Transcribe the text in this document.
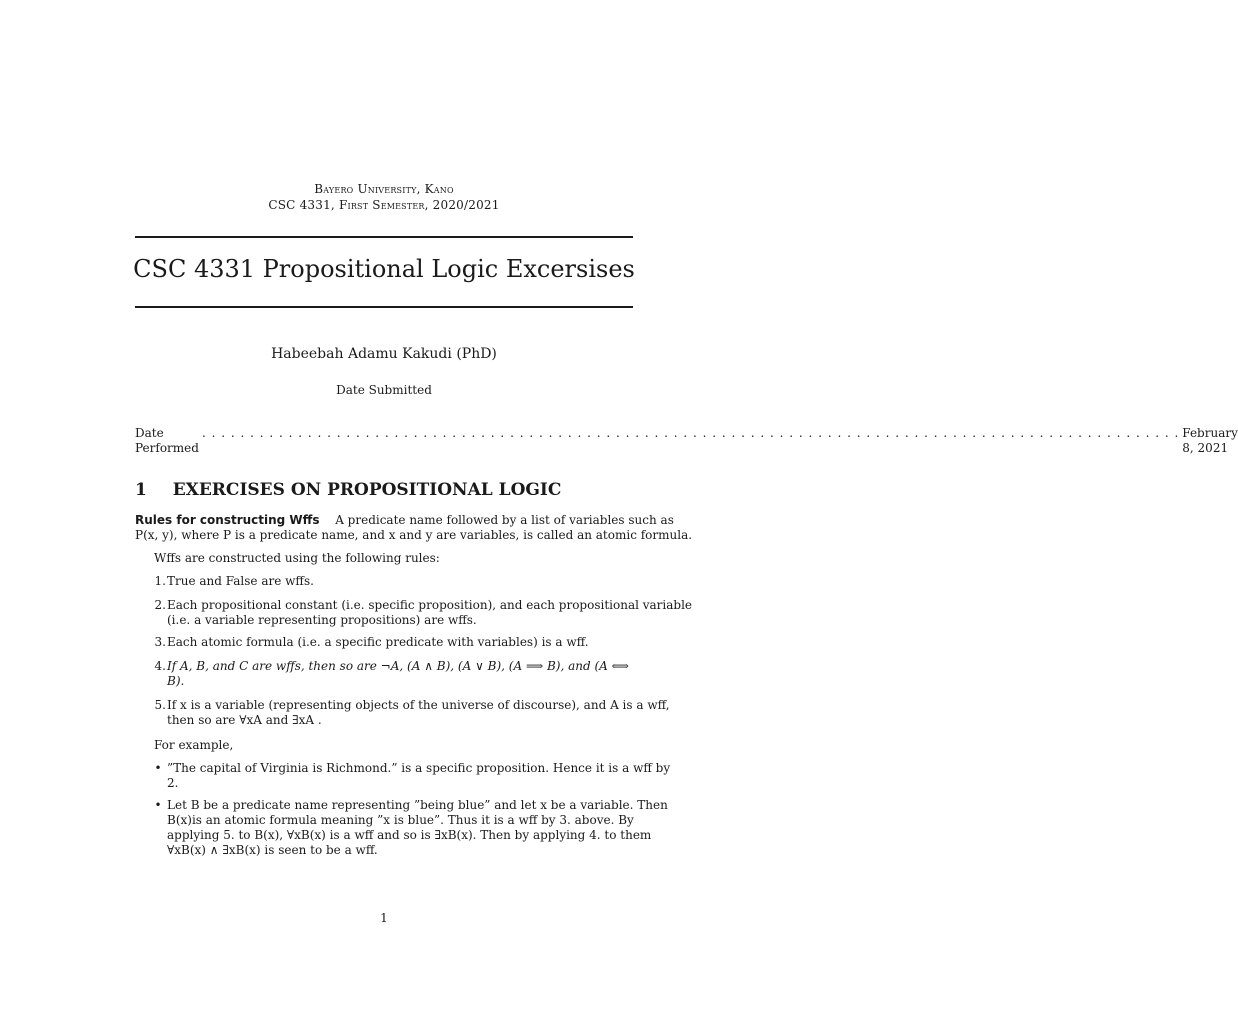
Bayero University, Kano
CSC 4331, First Semester, 2020/2021
CSC 4331 Propositional Logic Excersises
Habeebah Adamu Kakudi (PhD)
Date Submitted
Date Performed
. . . . . . . . . . . . . . . . . . . . . . . . . . . . . . . . . . . . . . . . . . . . . . . . . . . . . . . . . . . . . . . . . . . . . . . . . . . . . . . . . . . . . . . . . . . . . . . . . . . . . . February 8, 2021
1 EXERCISES ON PROPOSITIONAL LOGIC
Rules for constructing Wffs A predicate name followed by a list of variables such as
P(x, y), where P is a predicate name, and x and y are variables, is called an atomic formula.
Wffs are constructed using the following rules:
1. True and False are wffs.
2. Each propositional constant (i.e. specific proposition), and each propositional variable
(i.e. a variable representing propositions) are wffs.
3. Each atomic formula (i.e. a specific predicate with variables) is a wff.
4. If A, B, and C are wffs, then so are ¬A, (A ∧ B), (A ∨ B), (A ⟹ B), and (A ⟺
B).
5. If x is a variable (representing objects of the universe of discourse), and A is a wff,
then so are ∀xA and ∃xA .
For example,
• ”The capital of Virginia is Richmond.” is a specific proposition. Hence it is a wff by
2.
• Let B be a predicate name representing ”being blue” and let x be a variable. Then
B(x)is an atomic formula meaning ”x is blue”. Thus it is a wff by 3. above. By
applying 5. to B(x), ∀xB(x) is a wff and so is ∃xB(x). Then by applying 4. to them
∀xB(x) ∧ ∃xB(x) is seen to be a wff.
1
